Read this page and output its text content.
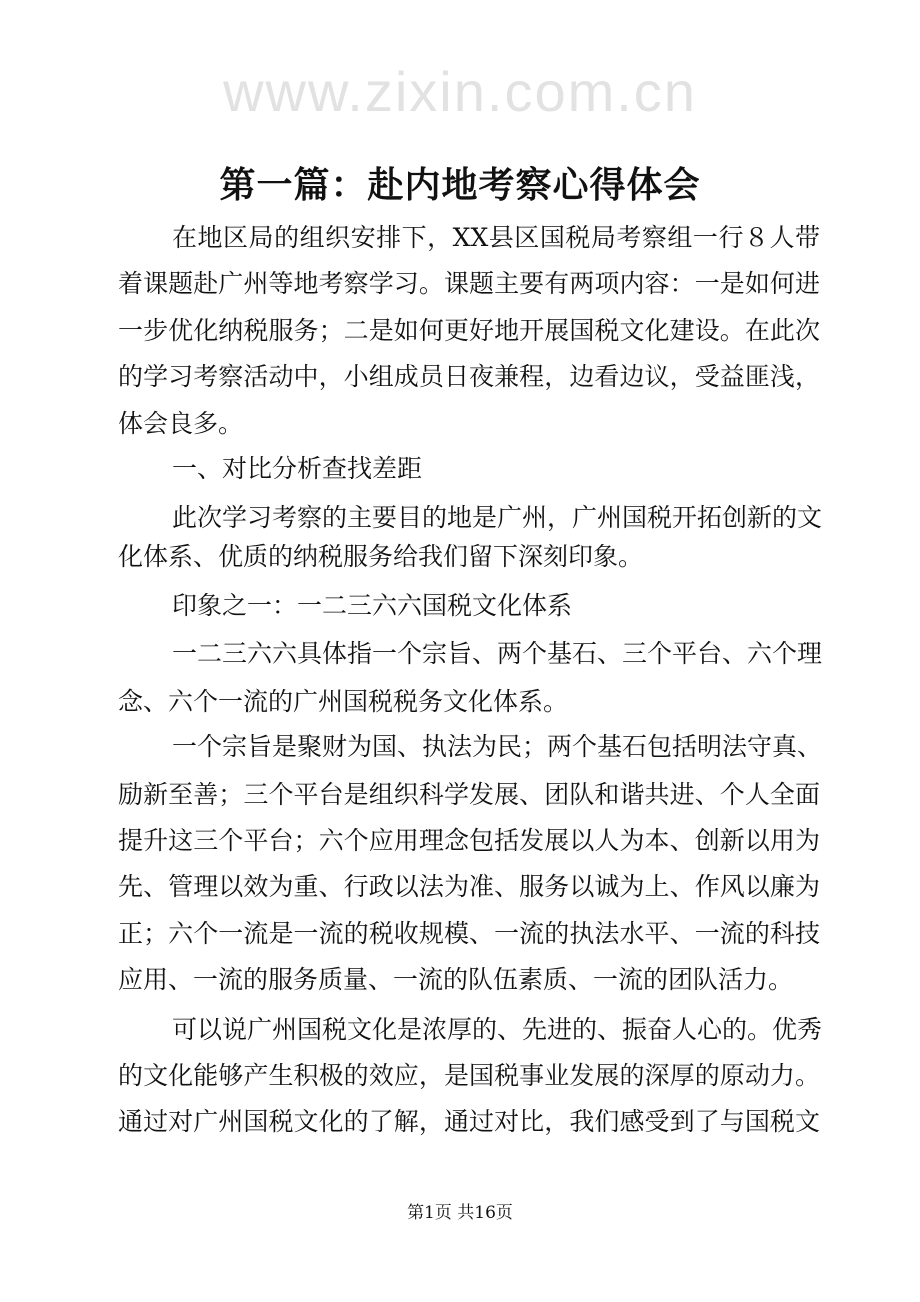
www.zixin.com.cn
第一篇：赴内地考察心得体会
在地区局的组织安排下，XX县区国税局考察组一行８人带
着课题赴广州等地考察学习。课题主要有两项内容：一是如何进
一步优化纳税服务；二是如何更好地开展国税文化建设。在此次
的学习考察活动中，小组成员日夜兼程，边看边议，受益匪浅，
体会良多。
一、对比分析查找差距
此次学习考察的主要目的地是广州，广州国税开拓创新的文
化体系、优质的纳税服务给我们留下深刻印象。
印象之一：一二三六六国税文化体系
一二三六六具体指一个宗旨、两个基石、三个平台、六个理
念、六个一流的广州国税税务文化体系。
一个宗旨是聚财为国、执法为民；两个基石包括明法守真、
励新至善；三个平台是组织科学发展、团队和谐共进、个人全面
提升这三个平台；六个应用理念包括发展以人为本、创新以用为
先、管理以效为重、行政以法为准、服务以诚为上、作风以廉为
正；六个一流是一流的税收规模、一流的执法水平、一流的科技
应用、一流的服务质量、一流的队伍素质、一流的团队活力。
可以说广州国税文化是浓厚的、先进的、振奋人心的。优秀
的文化能够产生积极的效应，是国税事业发展的深厚的原动力。
通过对广州国税文化的了解，通过对比，我们感受到了与国税文
第1页 共16页
